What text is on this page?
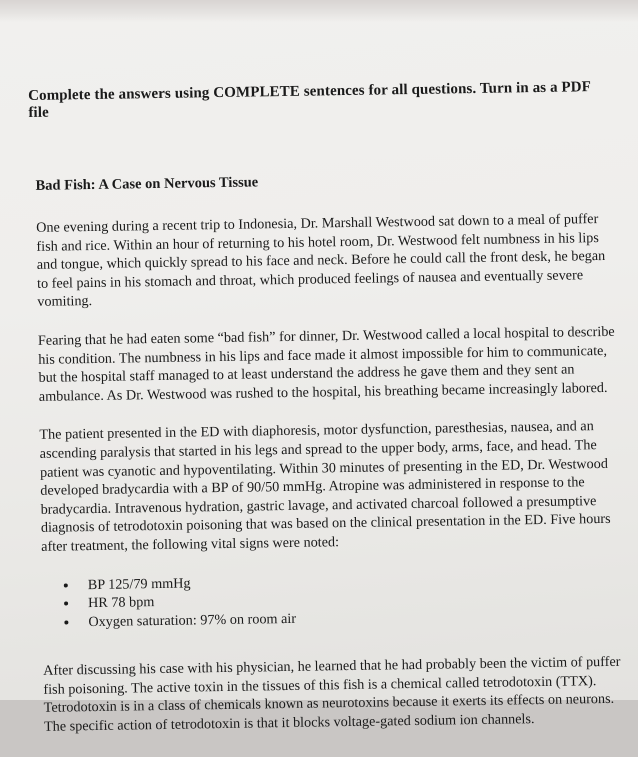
Complete the answers using COMPLETE sentences for all questions. Turn in as a PDF file
Bad Fish: A Case on Nervous Tissue

One evening during a recent trip to Indonesia, Dr. Marshall Westwood sat down to a meal of puffer fish and rice. Within an hour of returning to his hotel room, Dr. Westwood felt numbness in his lips and tongue, which quickly spread to his face and neck. Before he could call the front desk, he began to feel pains in his stomach and throat, which produced feelings of nausea and eventually severe vomiting.

Fearing that he had eaten some “bad fish” for dinner, Dr. Westwood called a local hospital to describe his condition. The numbness in his lips and face made it almost impossible for him to communicate, but the hospital staff managed to at least understand the address he gave them and they sent an ambulance. As Dr. Westwood was rushed to the hospital, his breathing became increasingly labored.

The patient presented in the ED with diaphoresis, motor dysfunction, paresthesias, nausea, and an ascending paralysis that started in his legs and spread to the upper body, arms, face, and head. The patient was cyanotic and hypoventilating. Within 30 minutes of presenting in the ED, Dr. Westwood developed bradycardia with a BP of 90/50 mmHg. Atropine was administered in response to the bradycardia. Intravenous hydration, gastric lavage, and activated charcoal followed a presumptive diagnosis of tetrodotoxin poisoning that was based on the clinical presentation in the ED. Five hours after treatment, the following vital signs were noted:

BP 125/79 mmHg
HR 78 bpm
Oxygen saturation: 97% on room air

After discussing his case with his physician, he learned that he had probably been the victim of puffer fish poisoning. The active toxin in the tissues of this fish is a chemical called tetrodotoxin (TTX). Tetrodotoxin is in a class of chemicals known as neurotoxins because it exerts its effects on neurons. The specific action of tetrodotoxin is that it blocks voltage-gated sodium ion channels.
